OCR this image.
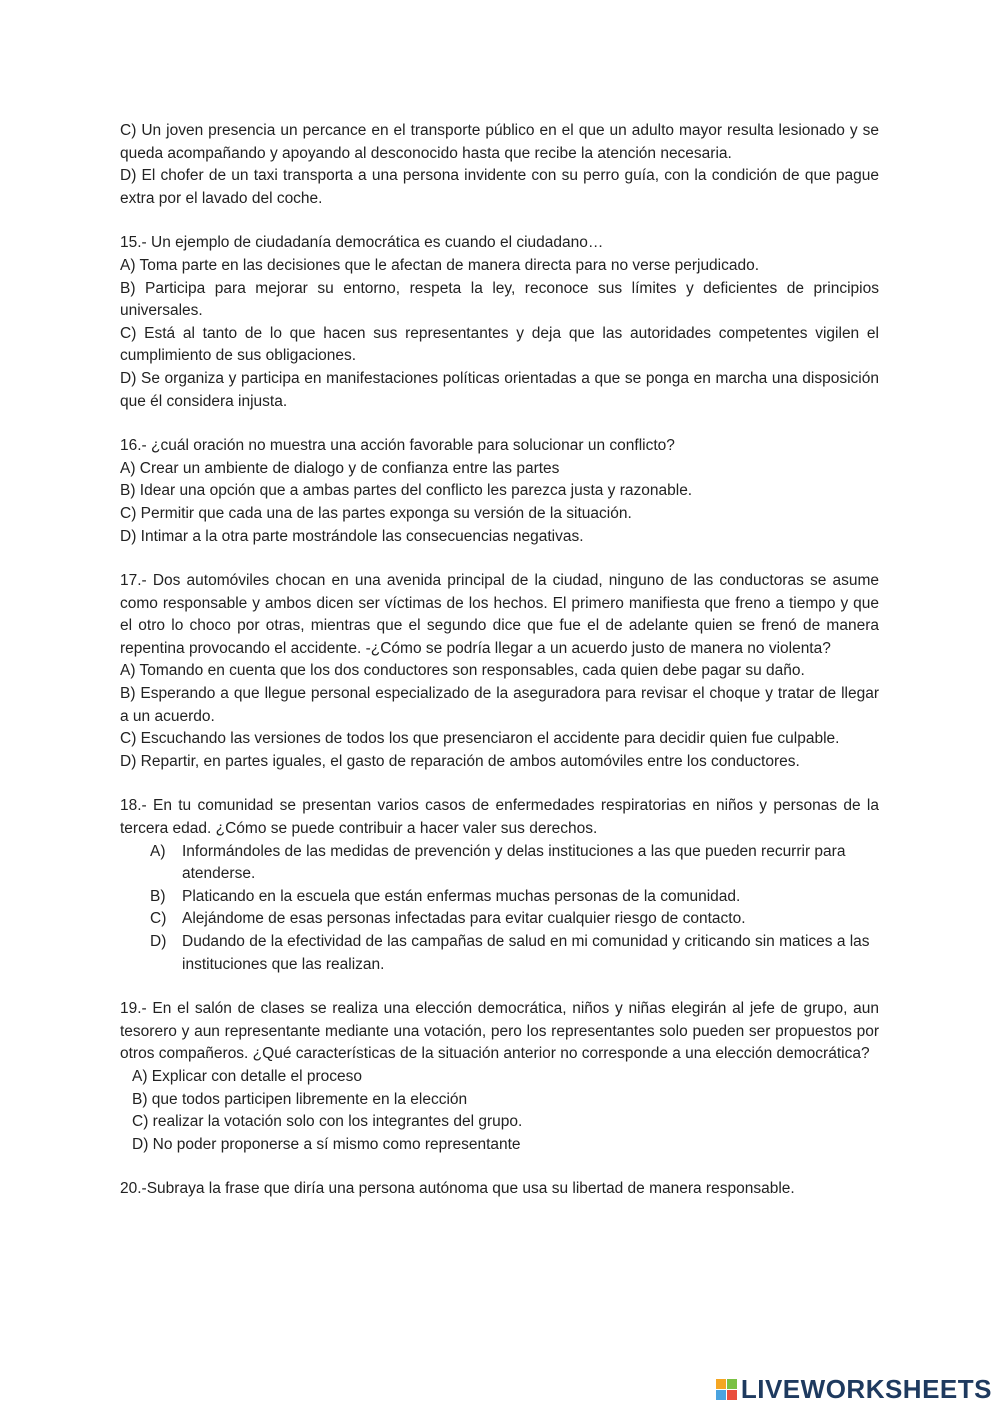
C) Un joven presencia un percance en el transporte público en el que un adulto mayor resulta lesionado y se queda acompañando y apoyando al desconocido hasta que recibe la atención necesaria.

D) El chofer de un taxi transporta a una persona invidente con su perro guía, con la condición de que pague extra por el lavado del coche.

15.- Un ejemplo de ciudadanía democrática es cuando el ciudadano…

A) Toma parte en las decisiones que le afectan de manera directa para no verse perjudicado.

B) Participa para mejorar su entorno, respeta la ley, reconoce sus límites y deficientes de principios universales.

C) Está al tanto de lo que hacen sus representantes y deja que las autoridades competentes vigilen el cumplimiento de sus obligaciones.

D) Se organiza y participa en manifestaciones políticas orientadas a que se ponga en marcha una disposición que él considera injusta.

16.- ¿cuál oración no muestra una acción favorable para solucionar un conflicto?

A) Crear un ambiente de dialogo y de confianza entre las partes

B) Idear una opción que a ambas partes del conflicto les parezca justa y razonable.

C) Permitir que cada una de las partes exponga su versión de la situación.

D) Intimar a la otra parte mostrándole las consecuencias negativas.

17.- Dos automóviles chocan en una avenida principal de la ciudad, ninguno de las conductoras se asume como responsable y ambos dicen ser víctimas de los hechos. El primero manifiesta que freno a tiempo y que el otro lo choco por otras, mientras que el segundo dice que fue el de adelante quien se frenó de manera repentina provocando el accidente. -¿Cómo se podría llegar a un acuerdo justo de manera no violenta?

A) Tomando en cuenta que los dos conductores son responsables, cada quien debe pagar su daño.

B) Esperando a que llegue personal especializado de la aseguradora para revisar el choque y tratar de llegar a un acuerdo.

C) Escuchando las versiones de todos los que presenciaron el accidente para decidir quien fue culpable.

D) Repartir, en partes iguales, el gasto de reparación de ambos automóviles entre los conductores.

18.- En tu comunidad se presentan varios casos de enfermedades respiratorias en niños y personas de la tercera edad. ¿Cómo se puede contribuir a hacer valer sus derechos.

A) Informándoles de las medidas de prevención y delas instituciones a las que pueden recurrir para atenderse.
B) Platicando en la escuela que están enfermas muchas personas de la comunidad.
C) Alejándome de esas personas infectadas para evitar cualquier riesgo de contacto.
D) Dudando de la efectividad de las campañas de salud en mi comunidad y criticando sin matices a las instituciones que las realizan.

19.- En el salón de clases se realiza una elección democrática, niños y niñas elegirán al jefe de grupo, aun tesorero y aun representante mediante una votación, pero los representantes solo pueden ser propuestos por otros compañeros. ¿Qué características de la situación anterior no corresponde a una elección democrática?

A) Explicar con detalle el proceso
B) que todos participen libremente en la elección
C) realizar la votación solo con los integrantes del grupo.
D) No poder proponerse a sí mismo como representante

20.-Subraya la frase que diría una persona autónoma que usa su libertad de manera responsable.

LIVEWORKSHEETS
